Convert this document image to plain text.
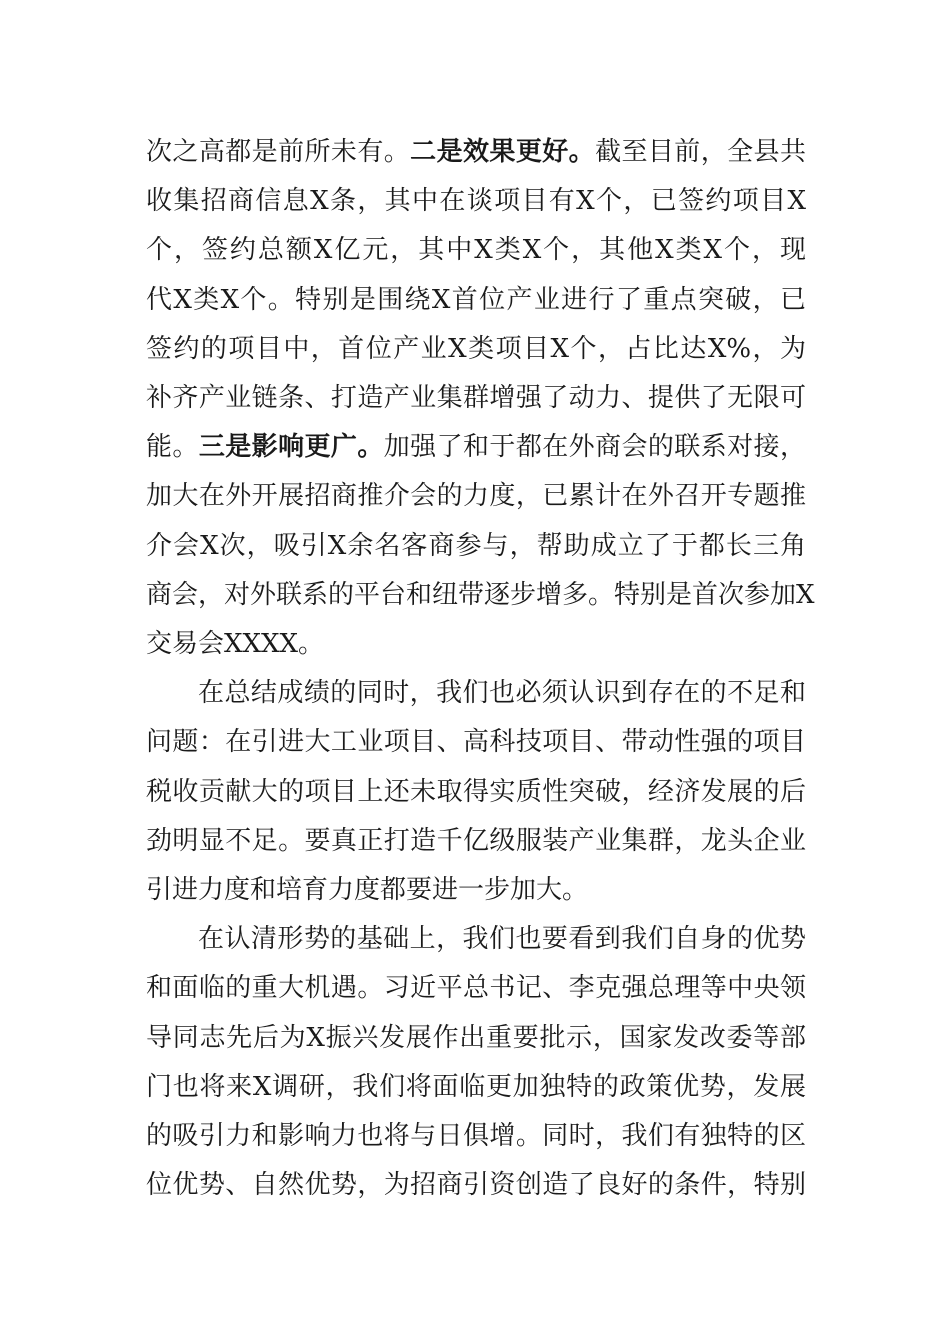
次之高都是前所未有。二是效果更好。截至目前，全县共
收集招商信息X条，其中在谈项目有X个，已签约项目X
个，签约总额X亿元，其中X类X个，其他X类X个，现
代X类X个。特别是围绕X首位产业进行了重点突破，已
签约的项目中，首位产业X类项目X个，占比达X%，为
补齐产业链条、打造产业集群增强了动力、提供了无限可
能。三是影响更广。加强了和于都在外商会的联系对接，
加大在外开展招商推介会的力度，已累计在外召开专题推
介会X次，吸引X余名客商参与，帮助成立了于都长三角
商会，对外联系的平台和纽带逐步增多。特别是首次参加X
交易会XXXX。
在总结成绩的同时，我们也必须认识到存在的不足和
问题：在引进大工业项目、高科技项目、带动性强的项目
税收贡献大的项目上还未取得实质性突破，经济发展的后
劲明显不足。要真正打造千亿级服装产业集群，龙头企业
引进力度和培育力度都要进一步加大。
在认清形势的基础上，我们也要看到我们自身的优势
和面临的重大机遇。习近平总书记、李克强总理等中央领
导同志先后为X振兴发展作出重要批示，国家发改委等部
门也将来X调研，我们将面临更加独特的政策优势，发展
的吸引力和影响力也将与日俱增。同时，我们有独特的区
位优势、自然优势，为招商引资创造了良好的条件，特别
